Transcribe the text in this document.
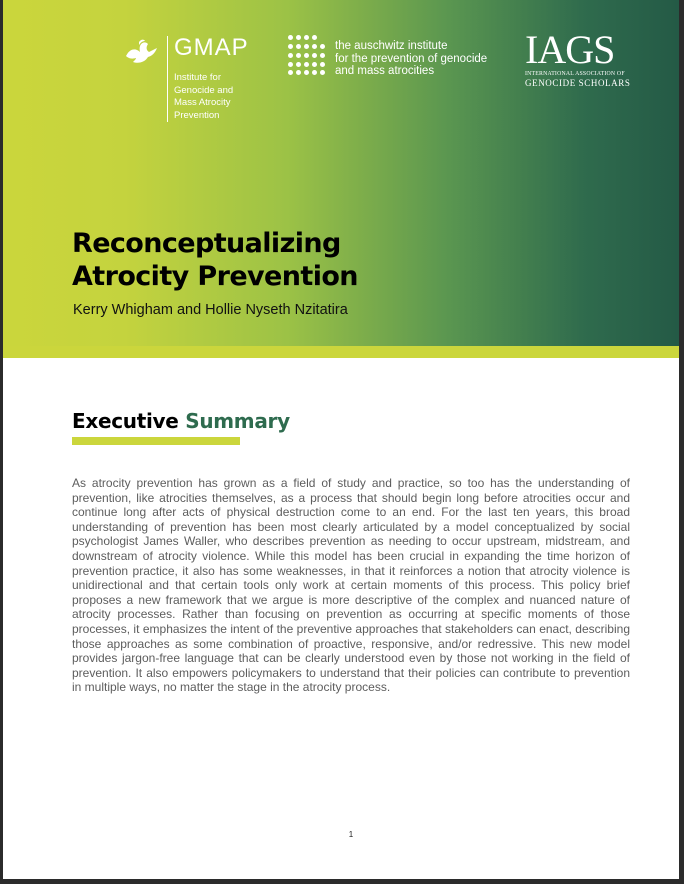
GMAP

Institute for
Genocide and
Mass Atrocity
Prevention

the auschwitz institute
for the prevention of genocide
and mass atrocities	IAGS
INTERNATIONAL ASSOCIATION OF
GENOCIDE SCHOLARS
Reconceptualizing
Atrocity Prevention

Kerry Whigham and Hollie Nyseth Nzitatira

Executive Summary

As atrocity prevention has grown as a field of study and practice, so too has the understanding of prevention, like atrocities themselves, as a process that should begin long before atrocities occur and continue long after acts of physical destruction come to an end. For the last ten years, this broad understanding of prevention has been most clearly articulated by a model conceptualized by social psychologist James Waller, who describes prevention as needing to occur upstream, midstream, and downstream of atrocity violence. While this model has been crucial in expanding the time horizon of prevention practice, it also has some weaknesses, in that it reinforces a notion that atrocity violence is unidirectional and that certain tools only work at certain moments of this process. This policy brief proposes a new framework that we argue is more descriptive of the complex and nuanced nature of atrocity processes. Rather than focusing on prevention as occurring at specific moments of those processes, it emphasizes the intent of the preventive approaches that stakeholders can enact, describing those approaches as some combination of proactive, responsive, and/or redressive. This new model provides jargon-free language that can be clearly understood even by those not working in the field of prevention. It also empowers policymakers to understand that their policies can contribute to prevention in multiple ways, no matter the stage in the atrocity process.

1
